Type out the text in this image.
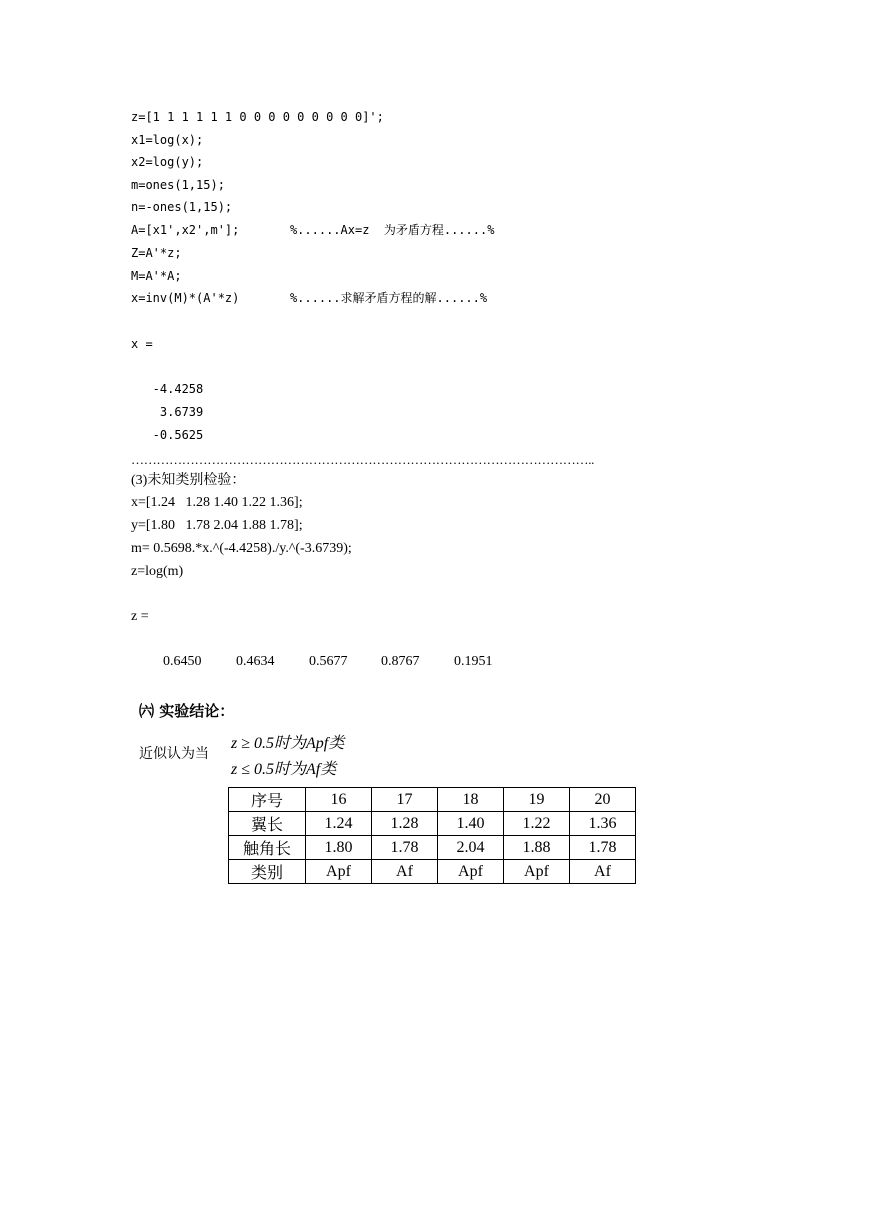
z=[1 1 1 1 1 1 0 0 0 0 0 0 0 0 0]';
x1=log(x);
x2=log(y);
m=ones(1,15);
n=-ones(1,15);
A=[x1',x2',m'];       %......Ax=z  为矛盾方程......%
Z=A'*z;
M=A'*A;
x=inv(M)*(A'*z)       %......求解矛盾方程的解......%
x =
-4.4258
3.6739
-0.5625
………………………………………………………………………………………………..
(3)未知类别检验：
x=[1.24   1.28 1.40 1.22 1.36];
y=[1.80   1.78 2.04 1.88 1.78];
m= 0.5698.*x.^(-4.4258)./y.^(-3.6739);
z=log(m)
z =
0.6450 0.4634 0.5677 0.8767 0.1951
㈥ 实验结论：
近似认为当
z ≥ 0.5时为Apf类
z ≤ 0.5时为Af类
序号	16	17	18	19	20
翼长	1.24	1.28	1.40	1.22	1.36
触角长	1.80	1.78	2.04	1.88	1.78
类别	Apf	Af	Apf	Apf	Af
